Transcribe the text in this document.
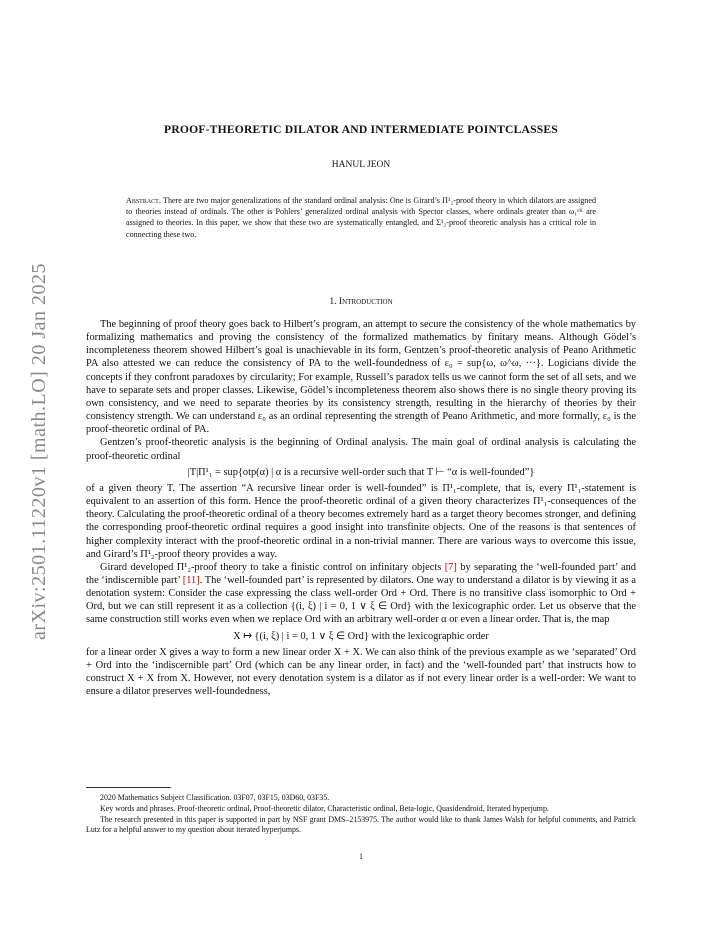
arXiv:2501.11220v1 [math.LO] 20 Jan 2025
PROOF-THEORETIC DILATOR AND INTERMEDIATE POINTCLASSES
HANUL JEON
Abstract. There are two major generalizations of the standard ordinal analysis: One is Girard’s Π¹₂-proof theory in which dilators are assigned to theories instead of ordinals. The other is Pohlers’ generalized ordinal analysis with Spector classes, where ordinals greater than ω₁ᶜᴷ are assigned to theories. In this paper, we show that these two are systematically entangled, and Σ¹₂-proof theoretic analysis has a critical role in connecting these two.
1. Introduction

The beginning of proof theory goes back to Hilbert’s program, an attempt to secure the consistency of the whole mathematics by formalizing mathematics and proving the consistency of the formalized mathematics by finitary means. Although Gödel’s incompleteness theorem showed Hilbert’s goal is unachievable in its form, Gentzen’s proof-theoretic analysis of Peano Arithmetic PA also attested we can reduce the consistency of PA to the well-foundedness of ε₀ = sup{ω, ω^ω, ···}. Logicians divide the concepts if they confront paradoxes by circularity; For example, Russell’s paradox tells us we cannot form the set of all sets, and we have to separate sets and proper classes. Likewise, Gödel’s incompleteness theorem also shows there is no single theory proving its own consistency, and we need to separate theories by its consistency strength, resulting in the hierarchy of theories by their consistency strength. We can understand ε₀ as an ordinal representing the strength of Peano Arithmetic, and more formally, ε₀ is the proof-theoretic ordinal of PA.

Gentzen’s proof-theoretic analysis is the beginning of Ordinal analysis. The main goal of ordinal analysis is calculating the proof-theoretic ordinal

|T|Π¹₁ = sup{otp(α) | α is a recursive well-order such that T ⊢ “α is well-founded”}

of a given theory T. The assertion “A recursive linear order is well-founded” is Π¹₁-complete, that is, every Π¹₁-statement is equivalent to an assertion of this form. Hence the proof-theoretic ordinal of a given theory characterizes Π¹₁-consequences of the theory. Calculating the proof-theoretic ordinal of a theory becomes extremely hard as a target theory becomes stronger, and defining the corresponding proof-theoretic ordinal requires a good insight into transfinite objects. One of the reasons is that sentences of higher complexity interact with the proof-theoretic ordinal in a non-trivial manner. There are various ways to overcome this issue, and Girard’s Π¹₂-proof theory provides a way.

Girard developed Π¹₂-proof theory to take a finistic control on infinitary objects [7] by separating the ‘well-founded part’ and the ‘indiscernible part’ [11]. The ‘well-founded part’ is represented by dilators. One way to understand a dilator is by viewing it as a denotation system: Consider the case expressing the class well-order Ord + Ord. There is no transitive class isomorphic to Ord + Ord, but we can still represent it as a collection {(i, ξ) | i = 0, 1 ∨ ξ ∈ Ord} with the lexicographic order. Let us observe that the same construction still works even when we replace Ord with an arbitrary well-order α or even a linear order. That is, the map

X ↦ {(i, ξ) | i = 0, 1 ∨ ξ ∈ Ord} with the lexicographic order

for a linear order X gives a way to form a new linear order X + X. We can also think of the previous example as we ‘separated’ Ord + Ord into the ‘indiscernible part’ Ord (which can be any linear order, in fact) and the ‘well-founded part’ that instructs how to construct X + X from X. However, not every denotation system is a dilator as if not every linear order is a well-order: We want to ensure a dilator preserves well-foundedness,

2020 Mathematics Subject Classification. 03F07, 03F15, 03D60, 03F35.

Key words and phrases. Proof-theoretic ordinal, Proof-theoretic dilator, Characteristic ordinal, Beta-logic, Quasidendroid, Iterated hyperjump.

The research presented in this paper is supported in part by NSF grant DMS–2153975. The author would like to thank James Walsh for helpful comments, and Patrick Lutz for a helpful answer to my question about iterated hyperjumps.

1
